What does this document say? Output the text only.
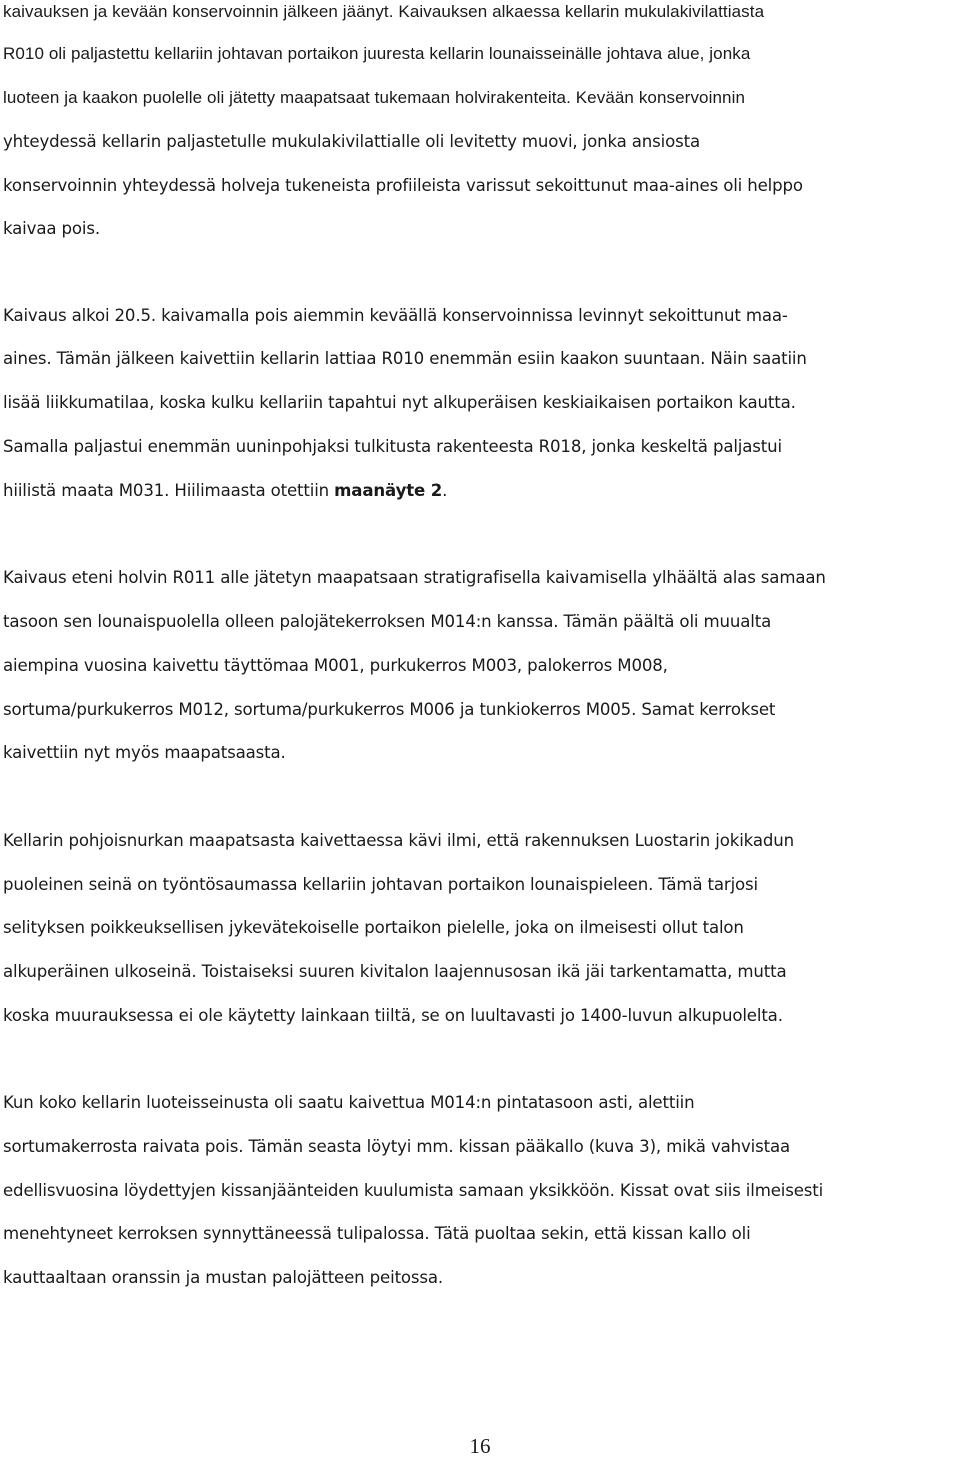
kaivauksen ja kevään konservoinnin jälkeen jäänyt. Kaivauksen alkaessa kellarin mukulakivilattiasta
R010 oli paljastettu kellariin johtavan portaikon juuresta kellarin lounaisseinälle johtava alue, jonka
luoteen ja kaakon puolelle oli jätetty maapatsaat tukemaan holvirakenteita. Kevään konservoinnin
yhteydessä kellarin paljastetulle mukulakivilattialle oli levitetty muovi, jonka ansiosta
konservoinnin yhteydessä holveja tukeneista profiileista varissut sekoittunut maa-aines oli helppo
kaivaa pois.
Kaivaus alkoi 20.5. kaivamalla pois aiemmin keväällä konservoinnissa levinnyt sekoittunut maa-
aines. Tämän jälkeen kaivettiin kellarin lattiaa R010 enemmän esiin kaakon suuntaan. Näin saatiin
lisää liikkumatilaa, koska kulku kellariin tapahtui nyt alkuperäisen keskiaikaisen portaikon kautta.
Samalla paljastui enemmän uuninpohjaksi tulkitusta rakenteesta R018, jonka keskeltä paljastui
hiilistä maata M031. Hiilimaasta otettiin maanäyte 2.
Kaivaus eteni holvin R011 alle jätetyn maapatsaan stratigrafisella kaivamisella ylhäältä alas samaan
tasoon sen lounaispuolella olleen palojätekerroksen M014:n kanssa. Tämän päältä oli muualta
aiempina vuosina kaivettu täyttömaa M001, purkukerros M003, palokerros M008,
sortuma/purkukerros M012, sortuma/purkukerros M006 ja tunkiokerros M005. Samat kerrokset
kaivettiin nyt myös maapatsaasta.
Kellarin pohjoisnurkan maapatsasta kaivettaessa kävi ilmi, että rakennuksen Luostarin jokikadun
puoleinen seinä on työntösaumassa kellariin johtavan portaikon lounaispieleen. Tämä tarjosi
selityksen poikkeuksellisen jykevätekoiselle portaikon pielelle, joka on ilmeisesti ollut talon
alkuperäinen ulkoseinä. Toistaiseksi suuren kivitalon laajennusosan ikä jäi tarkentamatta, mutta
koska muurauksessa ei ole käytetty lainkaan tiiltä, se on luultavasti jo 1400-luvun alkupuolelta.
Kun koko kellarin luoteisseinusta oli saatu kaivettua M014:n pintatasoon asti, alettiin
sortumakerrosta raivata pois. Tämän seasta löytyi mm. kissan pääkallo (kuva 3), mikä vahvistaa
edellisvuosina löydettyjen kissanjäänteiden kuulumista samaan yksikköön. Kissat ovat siis ilmeisesti
menehtyneet kerroksen synnyttäneessä tulipalossa. Tätä puoltaa sekin, että kissan kallo oli
kauttaaltaan oranssin ja mustan palojätteen peitossa.
16
